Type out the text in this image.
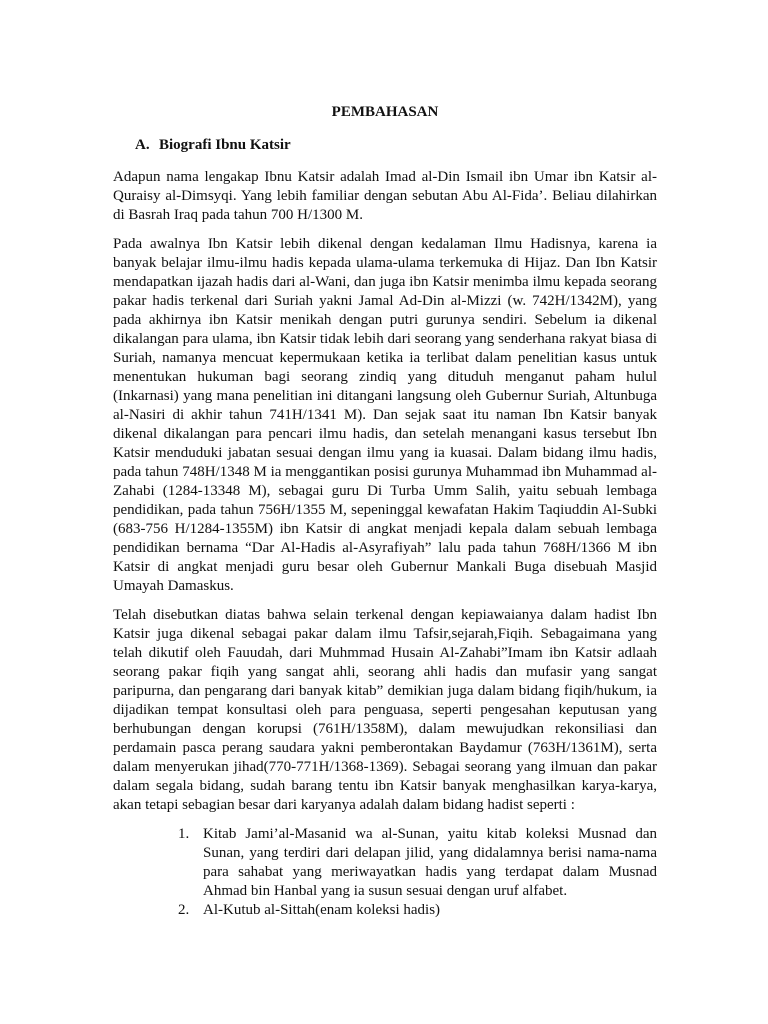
PEMBAHASAN
A. Biografi Ibnu Katsir

Adapun nama lengakap Ibnu Katsir adalah Imad al-Din Ismail ibn Umar ibn Katsir al-Quraisy al-Dimsyqi. Yang lebih familiar dengan sebutan Abu Al-Fida’. Beliau dilahirkan di Basrah Iraq pada tahun 700 H/1300 M.

Pada awalnya Ibn Katsir lebih dikenal dengan kedalaman Ilmu Hadisnya, karena ia banyak belajar ilmu-ilmu hadis kepada ulama-ulama terkemuka di Hijaz. Dan Ibn Katsir mendapatkan ijazah hadis dari al-Wani, dan juga ibn Katsir menimba ilmu kepada seorang pakar hadis terkenal dari Suriah yakni Jamal Ad-Din al-Mizzi (w. 742H/1342M), yang pada akhirnya ibn Katsir menikah dengan putri gurunya sendiri. Sebelum ia dikenal dikalangan para ulama, ibn Katsir tidak lebih dari seorang yang senderhana rakyat biasa di Suriah, namanya mencuat kepermukaan ketika ia terlibat dalam penelitian kasus untuk menentukan hukuman bagi seorang zindiq yang dituduh menganut paham hulul (Inkarnasi) yang mana penelitian ini ditangani langsung oleh Gubernur Suriah, Altunbuga al-Nasiri di akhir tahun 741H/1341 M). Dan sejak saat itu naman Ibn Katsir banyak dikenal dikalangan para pencari ilmu hadis, dan setelah menangani kasus tersebut Ibn Katsir menduduki jabatan sesuai dengan ilmu yang ia kuasai. Dalam bidang ilmu hadis, pada tahun 748H/1348 M ia menggantikan posisi gurunya Muhammad ibn Muhammad al-Zahabi (1284-13348 M), sebagai guru Di Turba Umm Salih, yaitu sebuah lembaga pendidikan, pada tahun 756H/1355 M, sepeninggal kewafatan Hakim Taqiuddin Al-Subki (683-756 H/1284-1355M) ibn Katsir di angkat menjadi kepala dalam sebuah lembaga pendidikan bernama “Dar Al-Hadis al-Asyrafiyah” lalu pada tahun 768H/1366 M ibn Katsir di angkat menjadi guru besar oleh Gubernur Mankali Buga disebuah Masjid Umayah Damaskus.

Telah disebutkan diatas bahwa selain terkenal dengan kepiawaianya dalam hadist Ibn Katsir juga dikenal sebagai pakar dalam ilmu Tafsir,sejarah,Fiqih. Sebagaimana yang telah dikutif oleh Fauudah, dari Muhmmad Husain Al-Zahabi”Imam ibn Katsir adlaah seorang pakar fiqih yang sangat ahli, seorang ahli hadis dan mufasir yang sangat paripurna, dan pengarang dari banyak kitab” demikian juga dalam bidang fiqih/hukum, ia dijadikan tempat konsultasi oleh para penguasa, seperti pengesahan keputusan yang berhubungan dengan korupsi (761H/1358M), dalam mewujudkan rekonsiliasi dan perdamain pasca perang saudara yakni pemberontakan Baydamur (763H/1361M), serta dalam menyerukan jihad(770-771H/1368-1369). Sebagai seorang yang ilmuan dan pakar dalam segala bidang, sudah barang tentu ibn Katsir banyak menghasilkan karya-karya, akan tetapi sebagian besar dari karyanya adalah dalam bidang hadist seperti :

1. Kitab Jami’al-Masanid wa al-Sunan, yaitu kitab koleksi Musnad dan Sunan, yang terdiri dari delapan jilid, yang didalamnya berisi nama-nama para sahabat yang meriwayatkan hadis yang terdapat dalam Musnad Ahmad bin Hanbal yang ia susun sesuai dengan uruf alfabet.
2. Al-Kutub al-Sittah(enam koleksi hadis)
